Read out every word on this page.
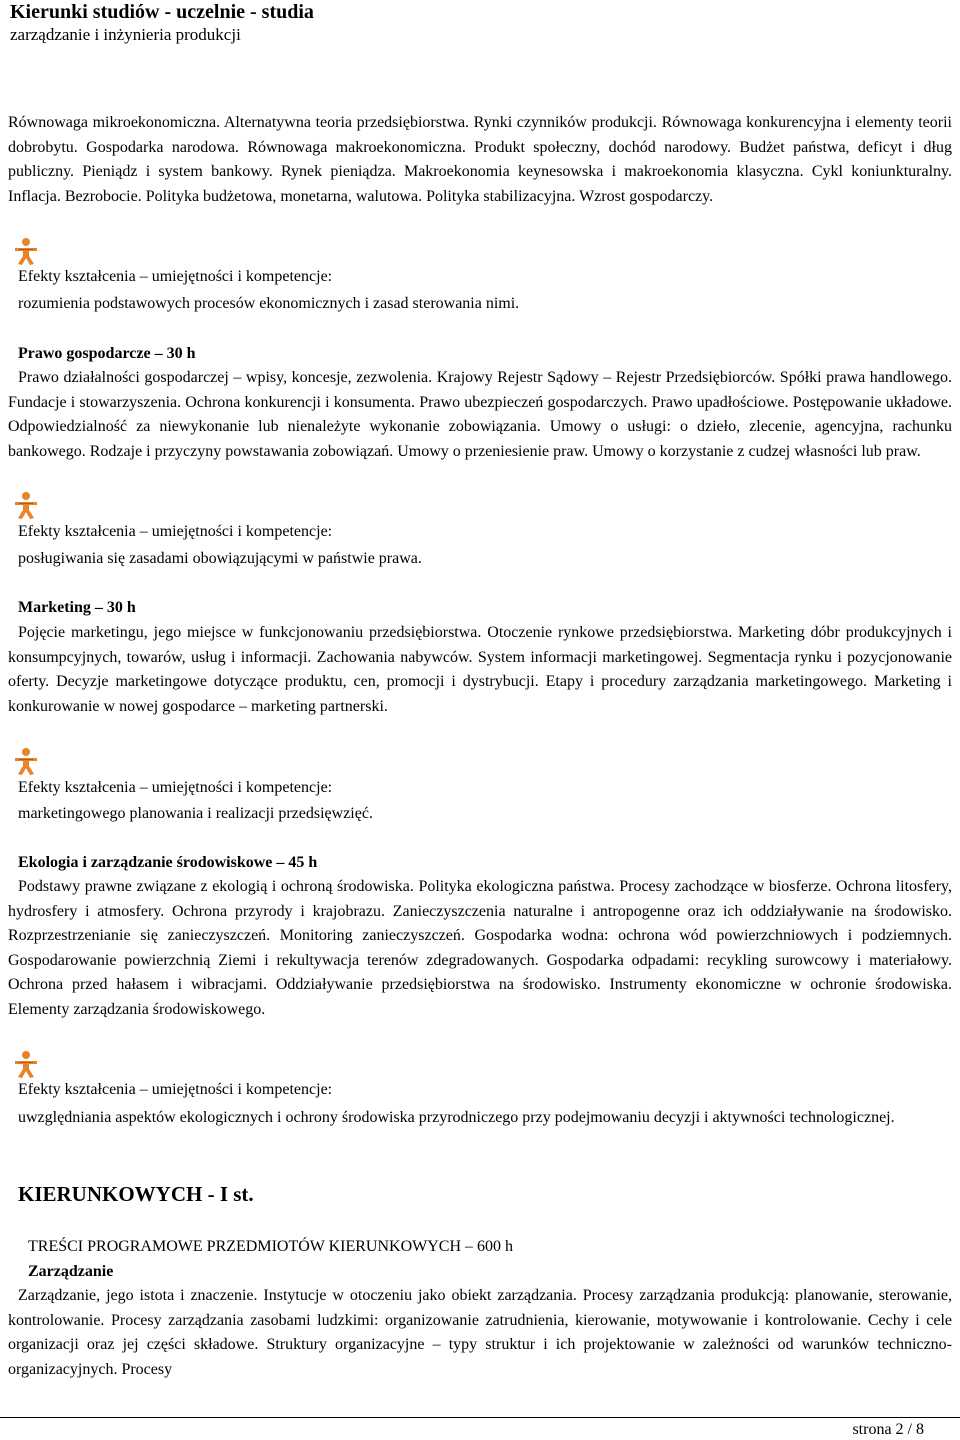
Kierunki studiów - uczelnie - studia
zarządzanie i inżynieria produkcji

Równowaga mikroekonomiczna. Alternatywna teoria przedsiębiorstwa. Rynki czynników produkcji. Równowaga konkurencyjna i elementy teorii dobrobytu. Gospodarka narodowa. Równowaga makroekonomiczna. Produkt społeczny, dochód narodowy. Budżet państwa, deficyt i dług publiczny. Pieniądz i system bankowy. Rynek pieniądza. Makroekonomia keynesowska i makroekonomia klasyczna. Cykl koniunkturalny. Inflacja. Bezrobocie. Polityka budżetowa, monetarna, walutowa. Polityka stabilizacyjna. Wzrost gospodarczy.

Efekty kształcenia – umiejętności i kompetencje:
rozumienia podstawowych procesów ekonomicznych i zasad sterowania nimi.
Prawo gospodarcze – 30 h

Prawo działalności gospodarczej – wpisy, koncesje, zezwolenia. Krajowy Rejestr Sądowy – Rejestr Przedsiębiorców. Spółki prawa handlowego. Fundacje i stowarzyszenia. Ochrona konkurencji i konsumenta. Prawo ubezpieczeń gospodarczych. Prawo upadłościowe. Postępowanie układowe. Odpowiedzialność za niewykonanie lub nienależyte wykonanie zobowiązania. Umowy o usługi: o dzieło, zlecenie, agencyjna, rachunku bankowego. Rodzaje i przyczyny powstawania zobowiązań. Umowy o przeniesienie praw. Umowy o korzystanie z cudzej własności lub praw.

Efekty kształcenia – umiejętności i kompetencje:
posługiwania się zasadami obowiązującymi w państwie prawa.
Marketing – 30 h

Pojęcie marketingu, jego miejsce w funkcjonowaniu przedsiębiorstwa. Otoczenie rynkowe przedsiębiorstwa. Marketing dóbr produkcyjnych i konsumpcyjnych, towarów, usług i informacji. Zachowania nabywców. System informacji marketingowej. Segmentacja rynku i pozycjonowanie oferty. Decyzje marketingowe dotyczące produktu, cen, promocji i dystrybucji. Etapy i procedury zarządzania marketingowego. Marketing i konkurowanie w nowej gospodarce – marketing partnerski.

Efekty kształcenia – umiejętności i kompetencje:
marketingowego planowania i realizacji przedsięwzięć.
Ekologia i zarządzanie środowiskowe – 45 h

Podstawy prawne związane z ekologią i ochroną środowiska. Polityka ekologiczna państwa. Procesy zachodzące w biosferze. Ochrona litosfery, hydrosfery i atmosfery. Ochrona przyrody i krajobrazu. Zanieczyszczenia naturalne i antropogenne oraz ich oddziaływanie na środowisko. Rozprzestrzenianie się zanieczyszczeń. Monitoring zanieczyszczeń. Gospodarka wodna: ochrona wód powierzchniowych i podziemnych. Gospodarowanie powierzchnią Ziemi i rekultywacja terenów zdegradowanych. Gospodarka odpadami: recykling surowcowy i materiałowy. Ochrona przed hałasem i wibracjami. Oddziaływanie przedsiębiorstwa na środowisko. Instrumenty ekonomiczne w ochronie środowiska. Elementy zarządzania środowiskowego.

Efekty kształcenia – umiejętności i kompetencje:
uwzględniania aspektów ekologicznych i ochrony środowiska przyrodniczego przy podejmowaniu decyzji i aktywności technologicznej.
KIERUNKOWYCH - I st.
TREŚCI PROGRAMOWE PRZEDMIOTÓW KIERUNKOWYCH – 600 h
Zarządzanie

Zarządzanie, jego istota i znaczenie. Instytucje w otoczeniu jako obiekt zarządzania. Procesy zarządzania produkcją: planowanie, sterowanie, kontrolowanie. Procesy zarządzania zasobami ludzkimi: organizowanie zatrudnienia, kierowanie, motywowanie i kontrolowanie. Cechy i cele organizacji oraz jej części składowe. Struktury organizacyjne – typy struktur i ich projektowanie w zależności od warunków techniczno-organizacyjnych. Procesy

strona 2 / 8
